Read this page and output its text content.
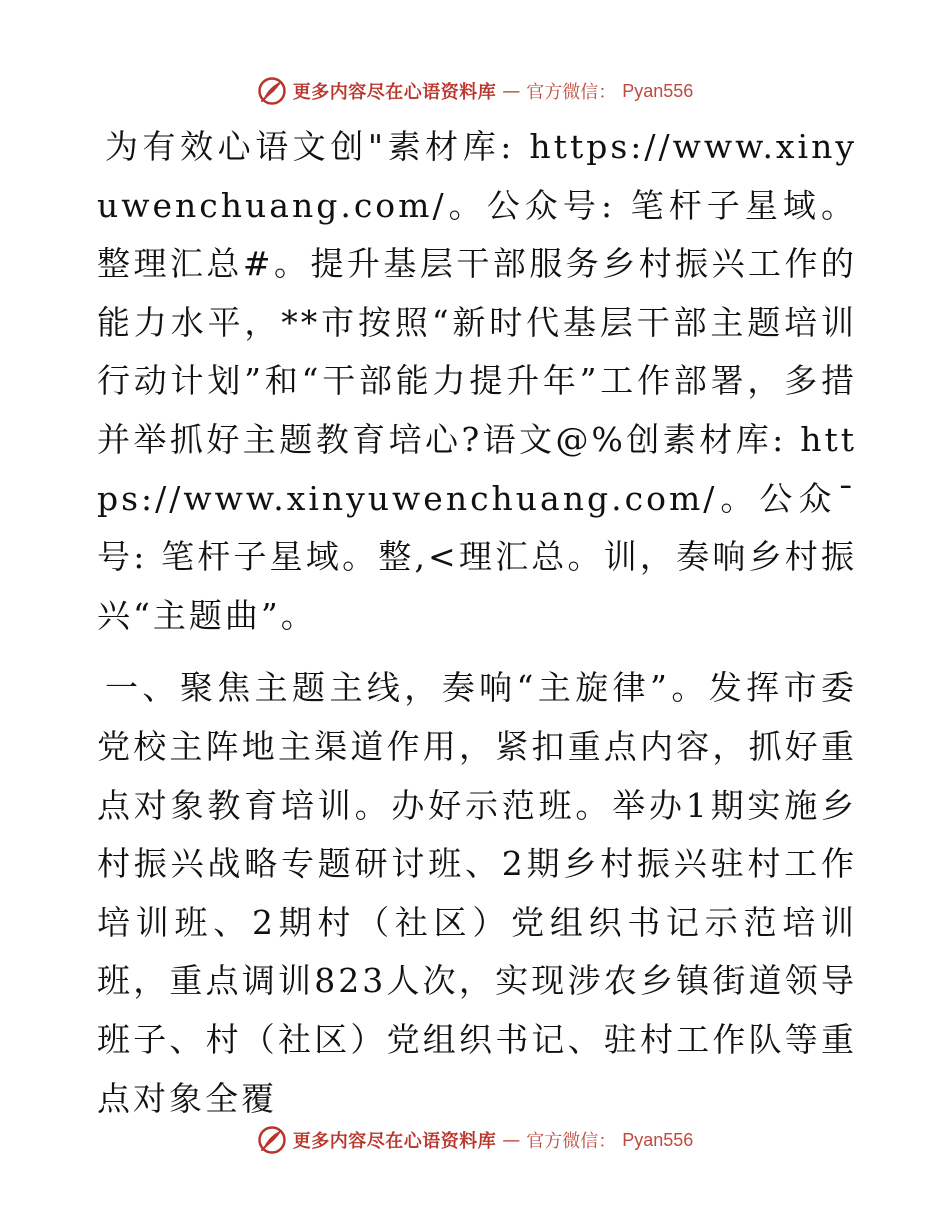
更多内容尽在心语资料库 — 官方微信： Pyan556

为有效心语文创"素材库: https://www.xinyuwenchuang.com/。公众号: 笔杆子星域。整理汇总#。提升基层干部服务乡村振兴工作的能力水平，**市按照“新时代基层干部主题培训行动计划”和“干部能力提升年”工作部署，多措并举抓好主题教育培心?语文@%创素材库: https://www.xinyuwenchuang.com/。公众¯号: 笔杆子星域。整,<理汇总。训，奏响乡村振兴“主题曲”。

一、聚焦主题主线，奏响“主旋律”。发挥市委党校主阵地主渠道作用，紧扣重点内容，抓好重点对象教育培训。办好示范班。举办1期实施乡村振兴战略专题研讨班、2期乡村振兴驻村工作培训班、2期村（社区）党组织书记示范培训班，重点调训823人次，实现涉农乡镇街道领导班子、村（社区）党组织书记、驻村工作队等重点对象全覆

更多内容尽在心语资料库 — 官方微信： Pyan556
